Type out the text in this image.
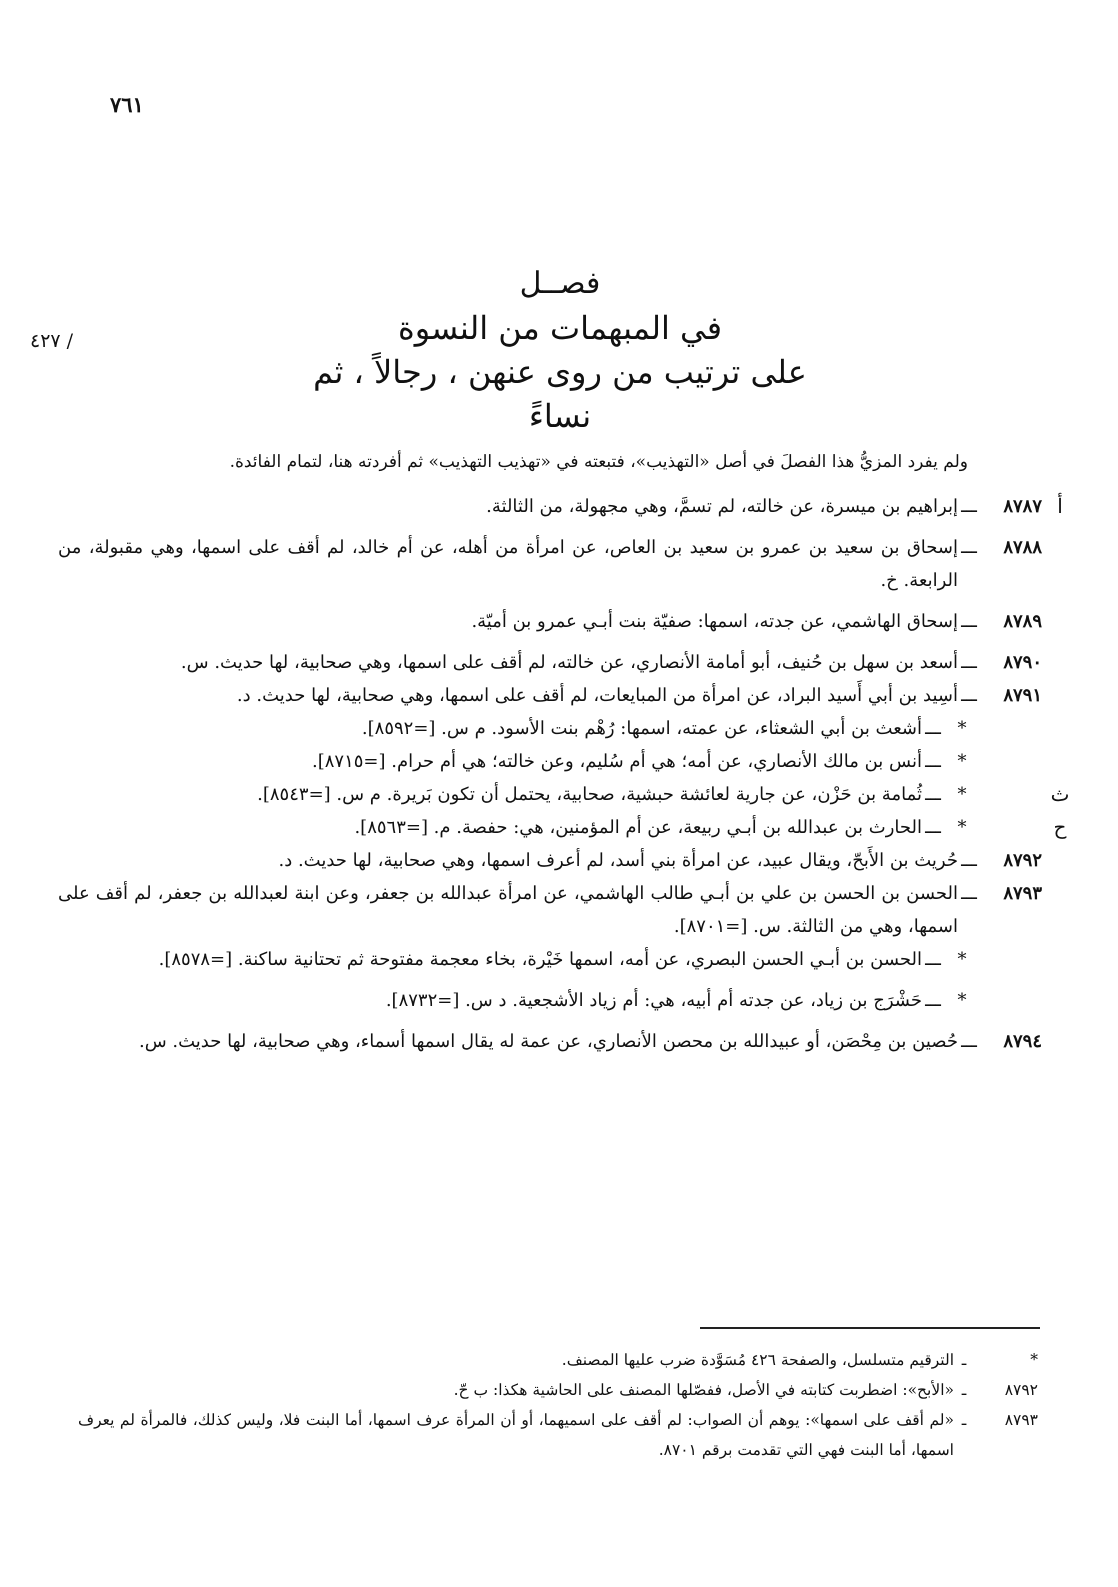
٧٦١
/ ٤٢٧
فصــل
في المبهمات من النسوة
على ترتيب من روى عنهن ، رجالاً ، ثم نساءً
ولم يفرد المزيُّ هذا الفصلَ في أصل «التهذيب»، فتبعته في «تهذيب التهذيب» ثم أفردته هنا، لتمام الفائدة.
أ
٨٧٨٧
ـــ
إبراهيم بن ميسرة، عن خالته، لم تسمَّ، وهي مجهولة، من الثالثة.
٨٧٨٨
ـــ
إسحاق بن سعيد بن عمرو بن سعيد بن العاص، عن امرأة من أهله، عن أم خالد، لم أقف على اسمها، وهي مقبولة، من الرابعة. خ.
٨٧٨٩
ـــ
إسحاق الهاشمي، عن جدته، اسمها: صفيّة بنت أبـي عمرو بن أميّة.
٨٧٩٠
ـــ
أسعد بن سهل بن حُنيف، أبو أمامة الأنصاري، عن خالته، لم أقف على اسمها، وهي صحابية، لها حديث. س.
٨٧٩١
ـــ
أسِيد بن أبي أَسيد البراد، عن امرأة من المبايعات، لم أقف على اسمها، وهي صحابية، لها حديث. د.
*
ـــ
أشعث بن أبي الشعثاء، عن عمته، اسمها: رُهْم بنت الأسود. م س. [=٨٥٩٢].
*
ـــ
أنس بن مالك الأنصاري، عن أمه؛ هي أم سُليم، وعن خالته؛ هي أم حرام. [=٨٧١٥].
ث
*
ـــ
ثُمامة بن حَزْن، عن جارية لعائشة حبشية، صحابية، يحتمل أن تكون بَريرة. م س. [=٨٥٤٣].
ح
*
ـــ
الحارث بن عبدالله بن أبـي ربيعة، عن أم المؤمنين، هي: حفصة. م. [=٨٥٦٣].
٨٧٩٢
ـــ
حُريث بن الأَبحّ، ويقال عبيد، عن امرأة بني أسد، لم أعرف اسمها، وهي صحابية، لها حديث. د.
٨٧٩٣
ـــ
الحسن بن الحسن بن علي بن أبـي طالب الهاشمي، عن امرأة عبدالله بن جعفر، وعن ابنة لعبدالله بن جعفر، لم أقف على اسمها، وهي من الثالثة. س. [=٨٧٠١].
*
ـــ
الحسن بن أبـي الحسن البصري، عن أمه، اسمها خَيْرة، بخاء معجمة مفتوحة ثم تحتانية ساكنة. [=٨٥٧٨].
*
ـــ
حَشْرَج بن زياد، عن جدته أم أبيه، هي: أم زياد الأشجعية. د س. [=٨٧٣٢].
٨٧٩٤
ـــ
حُصين بن مِحْصَن، أو عبيدالله بن محصن الأنصاري، عن عمة له يقال اسمها أسماء، وهي صحابية، لها حديث. س.
*
ـ
الترقيم متسلسل، والصفحة ٤٢٦ مُسَوَّدة ضرب عليها المصنف.
٨٧٩٢
ـ
«الأبح»: اضطربت كتابته في الأصل، ففصّلها المصنف على الحاشية هكذا: ب حّ.
٨٧٩٣
ـ
«لم أقف على اسمها»: يوهم أن الصواب: لم أقف على اسميهما، أو أن المرأة عرف اسمها، أما البنت فلا، وليس كذلك، فالمرأة لم يعرف اسمها، أما البنت فهي التي تقدمت برقم ٨٧٠١.
